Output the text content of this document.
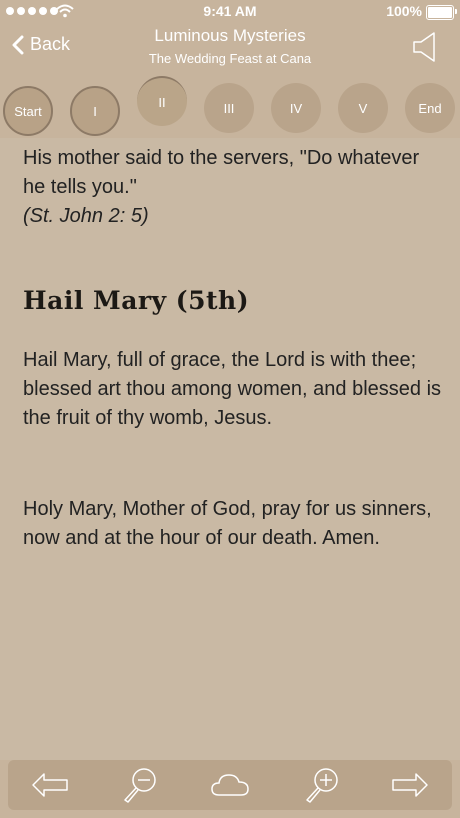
9:41 AM	100%
Back	Luminous Mysteries
The Wedding Feast at Cana
Start	I
II	III	IV	V	End
His mother said to the servers, "Do whatever he tells you."
(St. John 2: 5)
Hail Mary (5th)
Hail Mary, full of grace, the Lord is with thee; blessed art thou among women, and blessed is the fruit of thy womb, Jesus.
Holy Mary, Mother of God, pray for us sinners, now and at the hour of our death. Amen.
